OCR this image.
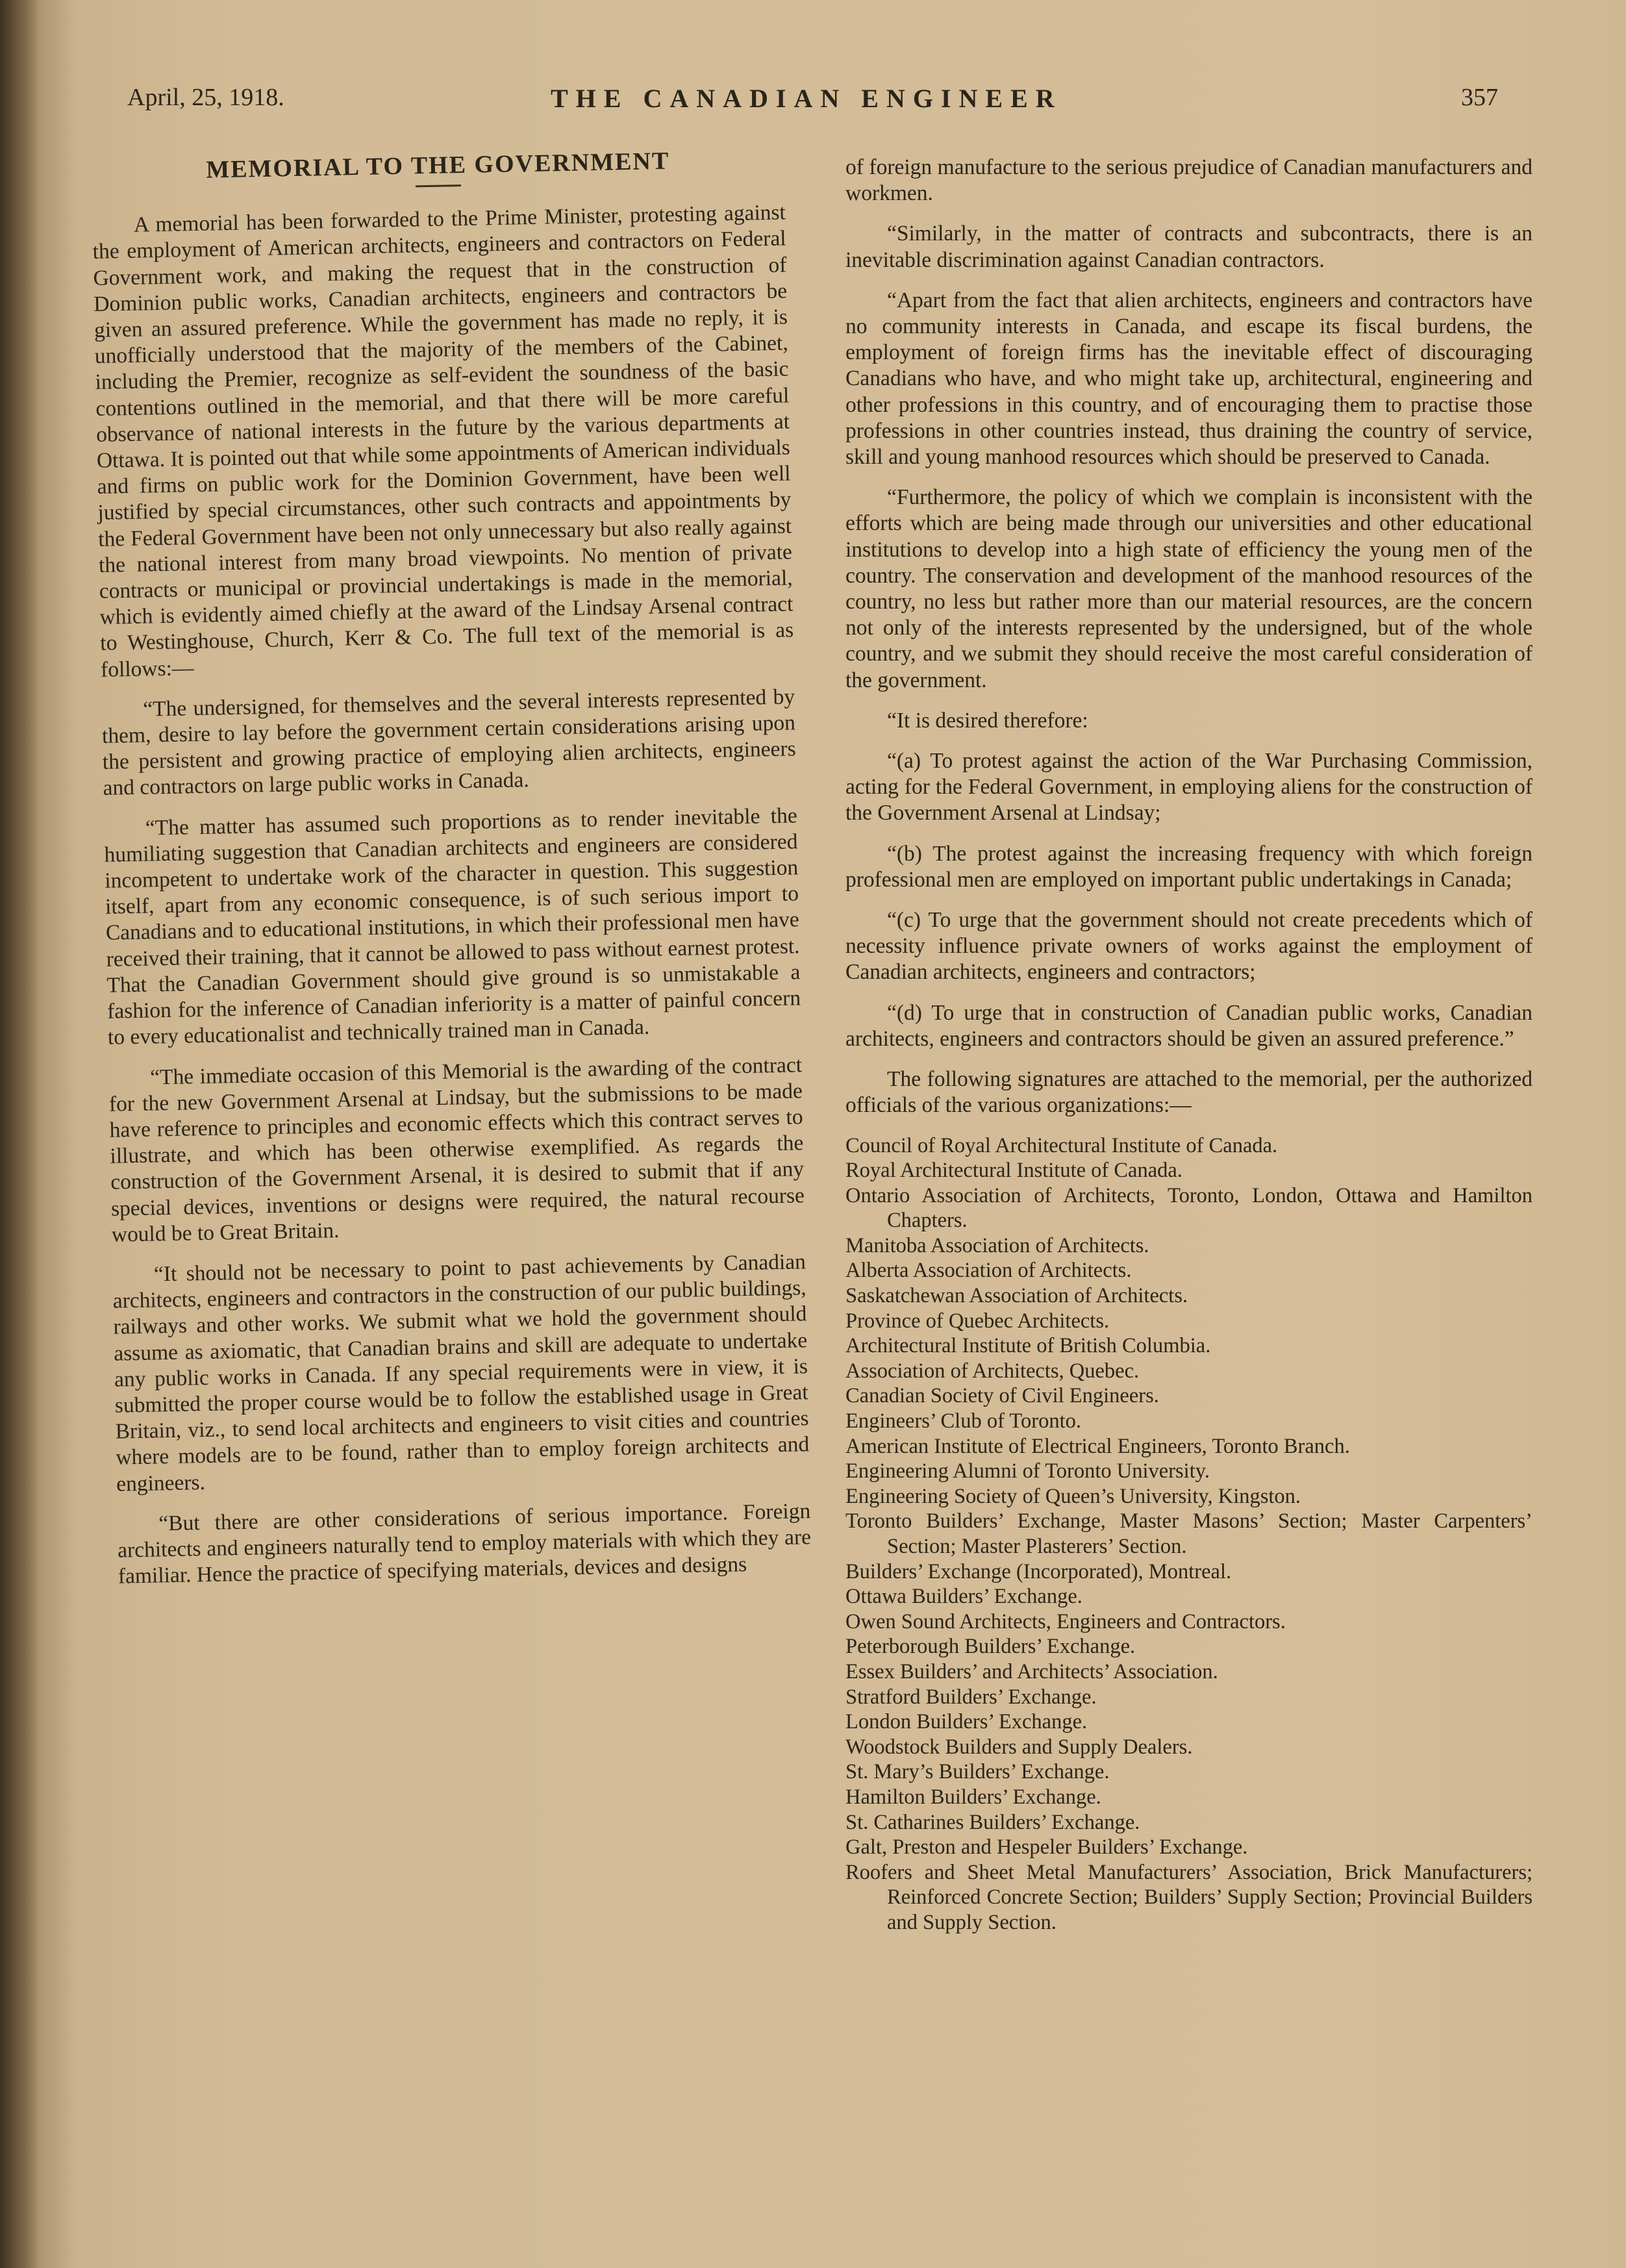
April, 25, 1918.	THE CANADIAN ENGINEER	357
MEMORIAL TO THE GOVERNMENT

A memorial has been forwarded to the Prime Minister, protesting against the employment of American architects, engineers and contractors on Federal Government work, and making the request that in the construction of Dominion public works, Canadian architects, engineers and contractors be given an assured preference. While the government has made no reply, it is unofficially understood that the majority of the members of the Cabinet, including the Premier, recognize as self-evident the soundness of the basic contentions outlined in the memorial, and that there will be more careful observance of national interests in the future by the various departments at Ottawa. It is pointed out that while some appointments of American individuals and firms on public work for the Dominion Government, have been well justified by special circumstances, other such contracts and appointments by the Federal Government have been not only unnecessary but also really against the national interest from many broad viewpoints. No mention of private contracts or municipal or provincial undertakings is made in the memorial, which is evidently aimed chiefly at the award of the Lindsay Arsenal contract to Westinghouse, Church, Kerr & Co. The full text of the memorial is as follows:—

“The undersigned, for themselves and the several interests represented by them, desire to lay before the government certain considerations arising upon the persistent and growing practice of employing alien architects, engineers and contractors on large public works in Canada.

“The matter has assumed such proportions as to render inevitable the humiliating suggestion that Canadian architects and engineers are considered incompetent to undertake work of the character in question. This suggestion itself, apart from any economic consequence, is of such serious import to Canadians and to educational institutions, in which their professional men have received their training, that it cannot be allowed to pass without earnest protest. That the Canadian Government should give ground is so unmistakable a fashion for the inference of Canadian inferiority is a matter of painful concern to every educationalist and technically trained man in Canada.

“The immediate occasion of this Memorial is the awarding of the contract for the new Government Arsenal at Lindsay, but the submissions to be made have reference to principles and economic effects which this contract serves to illustrate, and which has been otherwise exemplified. As regards the construction of the Government Arsenal, it is desired to submit that if any special devices, inventions or designs were required, the natural recourse would be to Great Britain.

“It should not be necessary to point to past achievements by Canadian architects, engineers and contractors in the construction of our public buildings, railways and other works. We submit what we hold the government should assume as axiomatic, that Canadian brains and skill are adequate to undertake any public works in Canada. If any special requirements were in view, it is submitted the proper course would be to follow the established usage in Great Britain, viz., to send local architects and engineers to visit cities and countries where models are to be found, rather than to employ foreign architects and engineers.

“But there are other considerations of serious importance. Foreign architects and engineers naturally tend to employ materials with which they are familiar. Hence the practice of specifying materials, devices and designs

of foreign manufacture to the serious prejudice of Canadian manufacturers and workmen.

“Similarly, in the matter of contracts and subcontracts, there is an inevitable discrimination against Canadian contractors.

“Apart from the fact that alien architects, engineers and contractors have no community interests in Canada, and escape its fiscal burdens, the employment of foreign firms has the inevitable effect of discouraging Canadians who have, and who might take up, architectural, engineering and other professions in this country, and of encouraging them to practise those professions in other countries instead, thus draining the country of service, skill and young manhood resources which should be preserved to Canada.

“Furthermore, the policy of which we complain is inconsistent with the efforts which are being made through our universities and other educational institutions to develop into a high state of efficiency the young men of the country. The conservation and development of the manhood resources of the country, no less but rather more than our material resources, are the concern not only of the interests represented by the undersigned, but of the whole country, and we submit they should receive the most careful consideration of the government.

“It is desired therefore:

“(a) To protest against the action of the War Purchasing Commission, acting for the Federal Government, in employing aliens for the construction of the Government Arsenal at Lindsay;

“(b) The protest against the increasing frequency with which foreign professional men are employed on important public undertakings in Canada;

“(c) To urge that the government should not create precedents which of necessity influence private owners of works against the employment of Canadian architects, engineers and contractors;

“(d) To urge that in construction of Canadian public works, Canadian architects, engineers and contractors should be given an assured preference.”

The following signatures are attached to the memorial, per the authorized officials of the various organizations:—

Council of Royal Architectural Institute of Canada.
Royal Architectural Institute of Canada.
Ontario Association of Architects, Toronto, London, Ottawa and Hamilton Chapters.
Manitoba Association of Architects.
Alberta Association of Architects.
Saskatchewan Association of Architects.
Province of Quebec Architects.
Architectural Institute of British Columbia.
Association of Architects, Quebec.
Canadian Society of Civil Engineers.
Engineers’ Club of Toronto.
American Institute of Electrical Engineers, Toronto Branch.
Engineering Alumni of Toronto University.
Engineering Society of Queen’s University, Kingston.
Toronto Builders’ Exchange, Master Masons’ Section; Master Carpenters’ Section; Master Plasterers’ Section.
Builders’ Exchange (Incorporated), Montreal.
Ottawa Builders’ Exchange.
Owen Sound Architects, Engineers and Contractors.
Peterborough Builders’ Exchange.
Essex Builders’ and Architects’ Association.
Stratford Builders’ Exchange.
London Builders’ Exchange.
Woodstock Builders and Supply Dealers.
St. Mary’s Builders’ Exchange.
Hamilton Builders’ Exchange.
St. Catharines Builders’ Exchange.
Galt, Preston and Hespeler Builders’ Exchange.
Roofers and Sheet Metal Manufacturers’ Association, Brick Manufacturers; Reinforced Concrete Section; Builders’ Supply Section; Provincial Builders and Supply Section.
